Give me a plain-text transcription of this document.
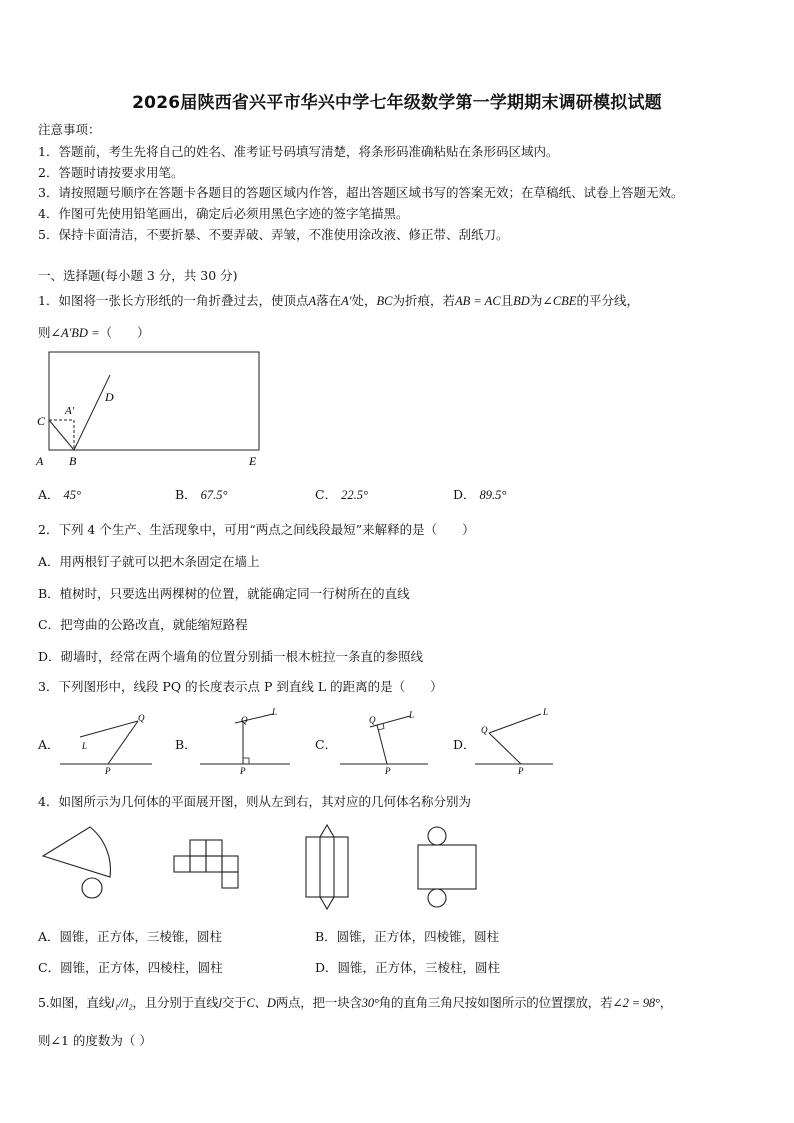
2026届陕西省兴平市华兴中学七年级数学第一学期期末调研模拟试题
注意事项：
1．答题前，考生先将自己的姓名、准考证号码填写清楚，将条形码准确粘贴在条形码区域内。
2．答题时请按要求用笔。
3．请按照题号顺序在答题卡各题目的答题区域内作答，超出答题区域书写的答案无效；在草稿纸、试卷上答题无效。
4．作图可先使用铅笔画出，确定后必须用黑色字迹的签字笔描黑。
5．保持卡面清洁，不要折暴、不要弄破、弄皱，不准使用涂改液、修正带、刮纸刀。
一、选择题(每小题 3 分，共 30 分)
1．如图将一张长方形纸的一角折叠过去，使顶点A落在A'处，BC为折痕，若AB = AC且BD为∠CBE的平分线，
则∠A'BD =（　　）
A B
C
D
E
A′
A． 45°	B． 67.5°	C． 22.5°	D． 89.5°
2．下列 4 个生产、生活现象中，可用“两点之间线段最短”来解释的是（　　）
A．用两根钉子就可以把木条固定在墙上
B．植树时，只要选出两棵树的位置，就能确定同一行树所在的直线
C．把弯曲的公路改直，就能缩短路程
D．砌墙时，经常在两个墙角的位置分别插一根木桩拉一条直的参照线
3．下列图形中，线段 PQ 的长度表示点 P 到直线 L 的距离的是（　　）
A．	B．	C．	D．
Q
L
P
Q
L
P
Q	L
P
Q
L
P
4．如图所示为几何体的平面展开图，则从左到右，其对应的几何体名称分别为
A．圆锥，正方体，三棱锥，圆柱	B．圆锥，正方体，四棱锥，圆柱
C．圆锥，正方体，四棱柱，圆柱	D．圆锥，正方体，三棱柱，圆柱
5.如图，直线l₁//l₂，且分别于直线l交于C、D两点，把一块含30°角的直角三角尺按如图所示的位置摆放，若∠2 = 98°，
则∠1 的度数为（ ）
